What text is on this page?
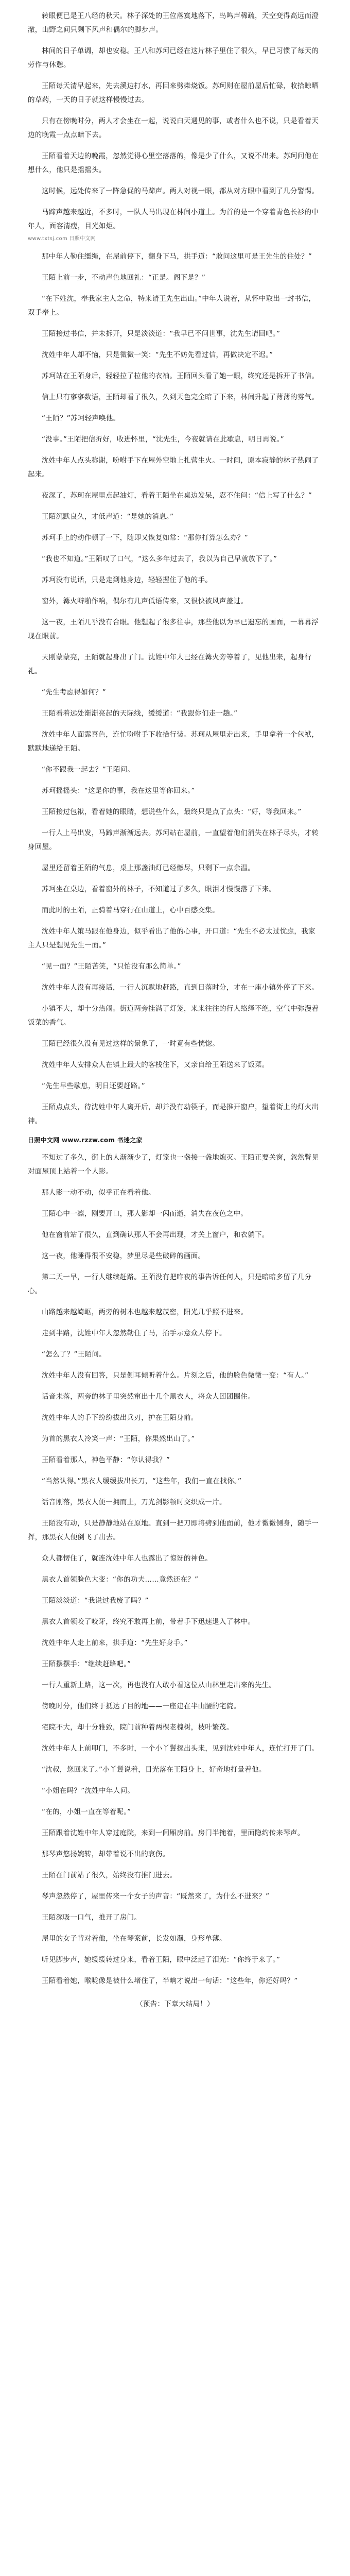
转眼便已是王八经的秋天。林子深处的王位落寞地落下，鸟鸣声稀疏，天空变得高远而澄澈，山野之间只剩下风声和偶尔的脚步声。

林间的日子单调，却也安稳。王八和苏珂已经在这片林子里住了很久，早已习惯了每天的劳作与休憩。

王陌每天清早起来，先去溪边打水，再回来劈柴烧饭。苏珂则在屋前屋后忙碌，收拾晾晒的草药，一天的日子就这样慢慢过去。

只有在傍晚时分，两人才会坐在一起，说说白天遇见的事，或者什么也不说，只是看着天边的晚霞一点点暗下去。

王陌看着天边的晚霞，忽然觉得心里空落落的，像是少了什么，又说不出来。苏珂问他在想什么，他只是摇摇头。

这时候，远处传来了一阵急促的马蹄声。两人对视一眼，都从对方眼中看到了几分警惕。

马蹄声越来越近，不多时，一队人马出现在林间小道上。为首的是一个穿着青色长衫的中年人，面容清瘦，目光如炬。

www.txtsj.com 日照中文网

那中年人勒住缰绳，在屋前停下，翻身下马，拱手道：“敢问这里可是王先生的住处？”

王陌上前一步，不动声色地回礼：“正是。阁下是？”

“在下姓沈，奉我家主人之命，特来请王先生出山。”中年人说着，从怀中取出一封书信，双手奉上。

王陌接过书信，并未拆开，只是淡淡道：“我早已不问世事，沈先生请回吧。”

沈姓中年人却不恼，只是微微一笑：“先生不妨先看过信，再做决定不迟。”

苏珂站在王陌身后，轻轻拉了拉他的衣袖。王陌回头看了她一眼，终究还是拆开了书信。

信上只有寥寥数语，王陌却看了很久，久到天色完全暗了下来，林间升起了薄薄的雾气。

“王陌？”苏珂轻声唤他。

“没事。”王陌把信折好，收进怀里，“沈先生，今夜就请在此歇息，明日再说。”

沈姓中年人点头称谢，吩咐手下在屋外空地上扎营生火。一时间，原本寂静的林子热闹了起来。

夜深了，苏珂在屋里点起油灯，看着王陌坐在桌边发呆，忍不住问：“信上写了什么？”

王陌沉默良久，才低声道：“是她的消息。”

苏珂手上的动作顿了一下，随即又恢复如常：“那你打算怎么办？”

“我也不知道。”王陌叹了口气，“这么多年过去了，我以为自己早就放下了。”

苏珂没有说话，只是走到他身边，轻轻握住了他的手。

窗外，篝火噼啪作响，偶尔有几声低语传来，又很快被风声盖过。

这一夜，王陌几乎没有合眼。他想起了很多往事，那些他以为早已遗忘的画面，一幕幕浮现在眼前。

天刚蒙蒙亮，王陌就起身出了门。沈姓中年人已经在篝火旁等着了，见他出来，起身行礼。

“先生考虑得如何？”

王陌看着远处渐渐亮起的天际线，缓缓道：“我跟你们走一趟。”

沈姓中年人面露喜色，连忙吩咐手下收拾行装。苏珂从屋里走出来，手里拿着一个包袱，默默地递给王陌。

“你不跟我一起去？”王陌问。

苏珂摇摇头：“这是你的事，我在这里等你回来。”

王陌接过包袱，看着她的眼睛，想说些什么，最终只是点了点头：“好，等我回来。”

一行人上马出发，马蹄声渐渐远去。苏珂站在屋前，一直望着他们消失在林子尽头，才转身回屋。

屋里还留着王陌的气息，桌上那盏油灯已经燃尽，只剩下一点余温。

苏珂坐在桌边，看着窗外的林子，不知道过了多久，眼泪才慢慢落了下来。

而此时的王陌，正骑着马穿行在山道上，心中百感交集。

沈姓中年人策马跟在他身边，似乎看出了他的心事，开口道：“先生不必太过忧虑，我家主人只是想见先生一面。”

“见一面？”王陌苦笑，“只怕没有那么简单。”

沈姓中年人没有再接话，一行人沉默地赶路，直到日落时分，才在一座小镇外停了下来。

小镇不大，却十分热闹。街道两旁挂满了灯笼，来来往往的行人络绎不绝，空气中弥漫着饭菜的香气。

王陌已经很久没有见过这样的景象了，一时竟有些恍惚。

沈姓中年人安排众人在镇上最大的客栈住下，又亲自给王陌送来了饭菜。

“先生早些歇息，明日还要赶路。”

王陌点点头，待沈姓中年人离开后，却并没有动筷子，而是推开窗户，望着街上的灯火出神。

日照中文网 www.rzzw.com 书迷之家

不知过了多久，街上的人渐渐少了，灯笼也一盏接一盏地熄灭。王陌正要关窗，忽然瞥见对面屋顶上站着一个人影。

那人影一动不动，似乎正在看着他。

王陌心中一凛，刚要开口，那人影却一闪而逝，消失在夜色之中。

他在窗前站了很久，直到确认那人不会再出现，才关上窗户，和衣躺下。

这一夜，他睡得很不安稳，梦里尽是些破碎的画面。

第二天一早，一行人继续赶路。王陌没有把昨夜的事告诉任何人，只是暗暗多留了几分心。

山路越来越崎岖，两旁的树木也越来越茂密，阳光几乎照不进来。

走到半路，沈姓中年人忽然勒住了马，抬手示意众人停下。

“怎么了？”王陌问。

沈姓中年人没有回答，只是侧耳倾听着什么。片刻之后，他的脸色微微一变：“有人。”

话音未落，两旁的林子里突然窜出十几个黑衣人，将众人团团围住。

沈姓中年人的手下纷纷拔出兵刃，护在王陌身前。

为首的黑衣人冷笑一声：“王陌，你果然出山了。”

王陌看着那人，神色平静：“你认得我？”

“当然认得。”黑衣人缓缓拔出长刀，“这些年，我们一直在找你。”

话音刚落，黑衣人便一拥而上，刀光剑影顿时交织成一片。

王陌没有动，只是静静地站在原地。直到一把刀即将劈到他面前，他才微微侧身，随手一挥，那黑衣人便倒飞了出去。

众人都愣住了，就连沈姓中年人也露出了惊讶的神色。

黑衣人首领脸色大变：“你的功夫……竟然还在？”

王陌淡淡道：“我说过我废了吗？”

黑衣人首领咬了咬牙，终究不敢再上前，带着手下迅速退入了林中。

沈姓中年人走上前来，拱手道：“先生好身手。”

王陌摆摆手：“继续赶路吧。”

一行人重新上路，这一次，再也没有人敢小看这位从山林里走出来的先生。

傍晚时分，他们终于抵达了目的地——一座建在半山腰的宅院。

宅院不大，却十分雅致，院门前种着两棵老槐树，枝叶繁茂。

沈姓中年人上前叩门，不多时，一个小丫鬟探出头来，见到沈姓中年人，连忙打开了门。

“沈叔，您回来了。”小丫鬟说着，目光落在王陌身上，好奇地打量着他。

“小姐在吗？”沈姓中年人问。

“在的，小姐一直在等着呢。”

王陌跟着沈姓中年人穿过庭院，来到一间厢房前。房门半掩着，里面隐约传来琴声。

那琴声悠扬婉转，却带着说不出的哀伤。

王陌在门前站了很久，始终没有推门进去。

琴声忽然停了，屋里传来一个女子的声音：“既然来了，为什么不进来？”

王陌深吸一口气，推开了房门。

屋里的女子背对着他，坐在琴案前，长发如瀑，身形单薄。

听见脚步声，她缓缓转过身来，看着王陌，眼中泛起了泪光：“你终于来了。”

王陌看着她，喉咙像是被什么堵住了，半晌才说出一句话：“这些年，你还好吗？”

（预告：下章大结局！）
